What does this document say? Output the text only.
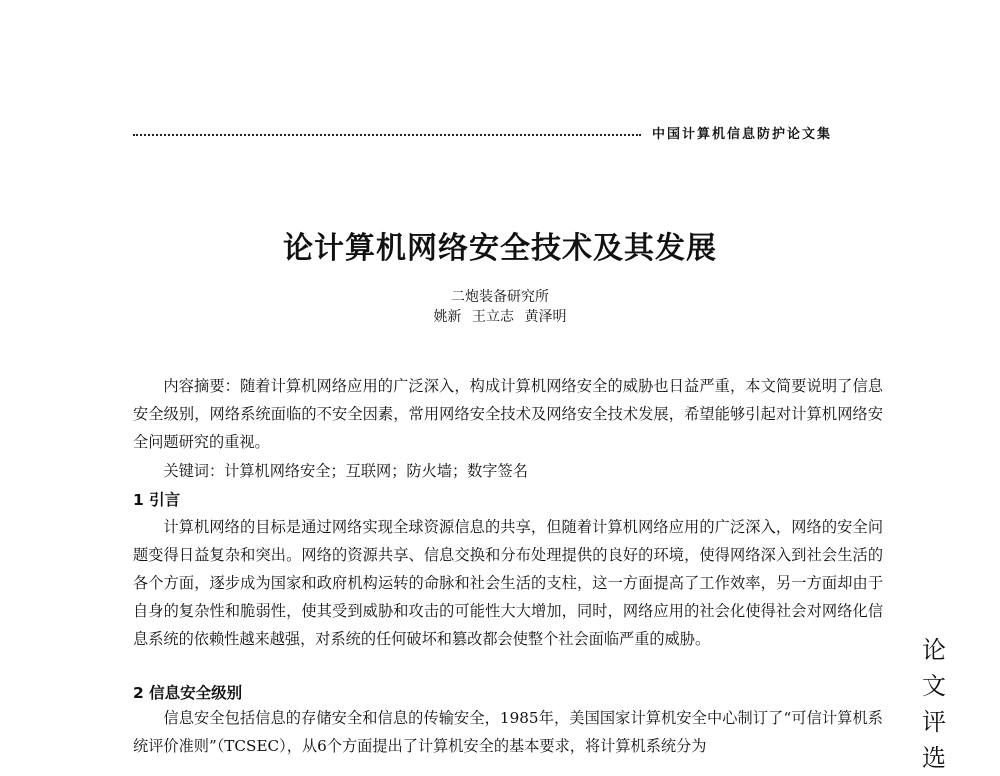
中国计算机信息防护论文集
论计算机网络安全技术及其发展
二炮装备研究所
姚新 王立志 黄泽明

内容摘要：随着计算机网络应用的广泛深入，构成计算机网络安全的威胁也日益严重，本文简要说明了信息安全级别，网络系统面临的不安全因素，常用网络安全技术及网络安全技术发展，希望能够引起对计算机网络安全问题研究的重视。

关键词：计算机网络安全；互联网；防火墙；数字签名

1 引言

计算机网络的目标是通过网络实现全球资源信息的共享，但随着计算机网络应用的广泛深入，网络的安全问题变得日益复杂和突出。网络的资源共享、信息交换和分布处理提供的良好的环境，使得网络深入到社会生活的各个方面，逐步成为国家和政府机构运转的命脉和社会生活的支柱，这一方面提高了工作效率，另一方面却由于自身的复杂性和脆弱性，使其受到威胁和攻击的可能性大大增加，同时，网络应用的社会化使得社会对网络化信息系统的依赖性越来越强，对系统的任何破坏和篡改都会使整个社会面临严重的威胁。

2 信息安全级别

信息安全包括信息的存储安全和信息的传输安全，1985年，美国国家计算机安全中心制订了“可信计算机系统评价准则”（TCSEC），从6个方面提出了计算机安全的基本要求，将计算机系统分为

论
文
评
选
